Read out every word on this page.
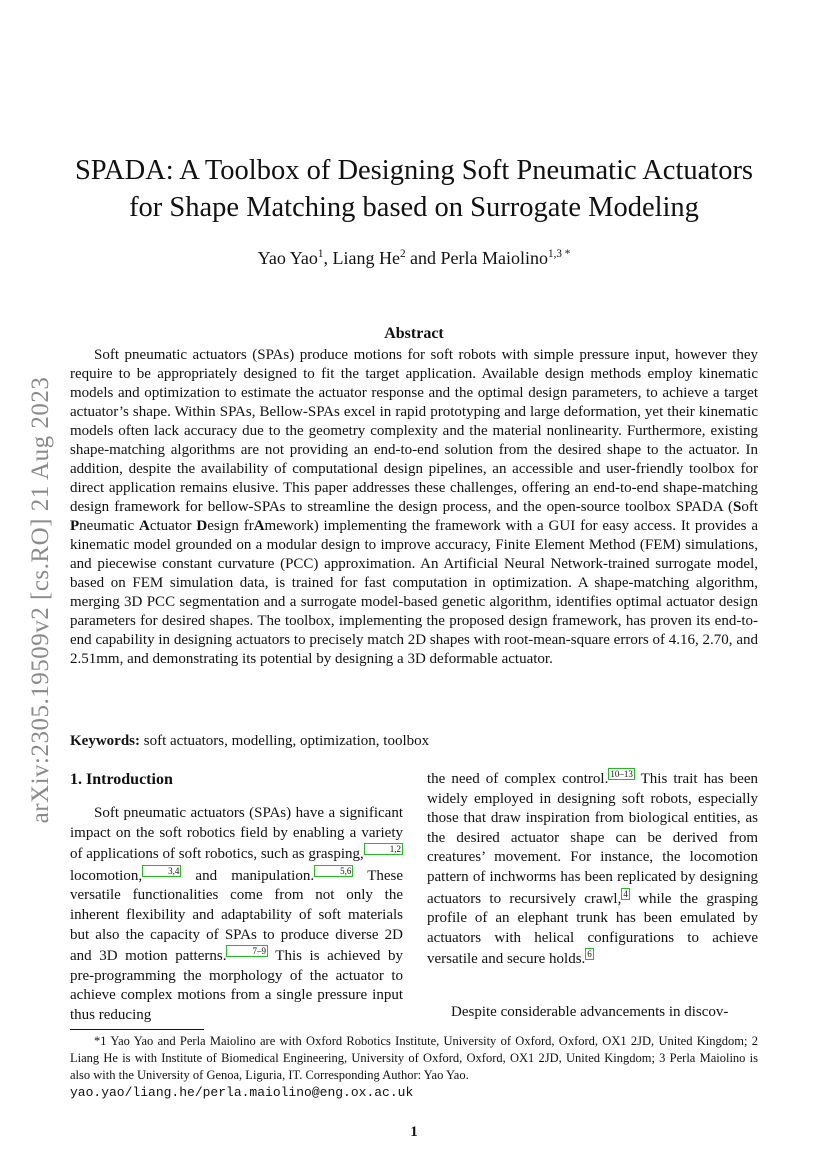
arXiv:2305.19509v2 [cs.RO] 21 Aug 2023
SPADA: A Toolbox of Designing Soft Pneumatic Actuators
for Shape Matching based on Surrogate Modeling
Yao Yao$^1$, Liang He$^2$ and Perla Maiolino$^{1,3 *}$
Abstract

Soft pneumatic actuators (SPAs) produce motions for soft robots with simple pressure input, however they require to be appropriately designed to fit the target application. Available design methods employ kinematic models and optimization to estimate the actuator response and the optimal design parameters, to achieve a target actuator’s shape. Within SPAs, Bellow-SPAs excel in rapid prototyping and large deformation, yet their kinematic models often lack accuracy due to the geometry complexity and the material nonlinearity. Furthermore, existing shape-matching algorithms are not providing an end-to-end solution from the desired shape to the actuator. In addition, despite the availability of computational design pipelines, an accessible and user-friendly toolbox for direct application remains elusive. This paper addresses these challenges, offering an end-to-end shape-matching design framework for bellow-SPAs to streamline the design process, and the open-source toolbox SPADA (Soft Pneumatic Actuator Design frAmework) implementing the framework with a GUI for easy access. It provides a kinematic model grounded on a modular design to improve accuracy, Finite Element Method (FEM) simulations, and piecewise constant curvature (PCC) approximation. An Artificial Neural Network-trained surrogate model, based on FEM simulation data, is trained for fast computation in optimization. A shape-matching algorithm, merging 3D PCC segmentation and a surrogate model-based genetic algorithm, identifies optimal actuator design parameters for desired shapes. The toolbox, implementing the proposed design framework, has proven its end-to-end capability in designing actuators to precisely match 2D shapes with root-mean-square errors of 4.16, 2.70, and 2.51mm, and demonstrating its potential by designing a 3D deformable actuator.

Keywords: soft actuators, modelling, optimization, toolbox
1. Introduction

Soft pneumatic actuators (SPAs) have a significant impact on the soft robotics field by enabling a variety of applications of soft robotics, such as grasping,	1,2 locomotion,	3,4 and manipulation.	5,6 These versatile functionalities come from not only the inherent flexibility and adaptability of soft materials but also the capacity of SPAs to produce diverse 2D and 3D motion patterns.	7–9 This is achieved by pre-programming the morphology of the actuator to achieve complex motions from a single pressure input thus reducing

the need of complex control. 10–13 This trait has been widely employed in designing soft robots, especially those that draw inspiration from biological entities, as the desired actuator shape can be derived from creatures’ movement. For instance, the locomotion pattern of inchworms has been replicated by designing actuators to recursively crawl, 4 while the grasping profile of an elephant trunk has been emulated by actuators with helical configurations to achieve versatile and secure holds. 6

Despite considerable advancements in discov-

*1 Yao Yao and Perla Maiolino are with Oxford Robotics Institute, University of Oxford, Oxford, OX1 2JD, United Kingdom; 2 Liang He is with Institute of Biomedical Engineering, University of Oxford, Oxford, OX1 2JD, United Kingdom; 3 Perla Maiolino is also with the University of Genoa, Liguria, IT. Corresponding Author: Yao Yao.
yao.yao/liang.he/perla.maiolino@eng.ox.ac.uk

1
